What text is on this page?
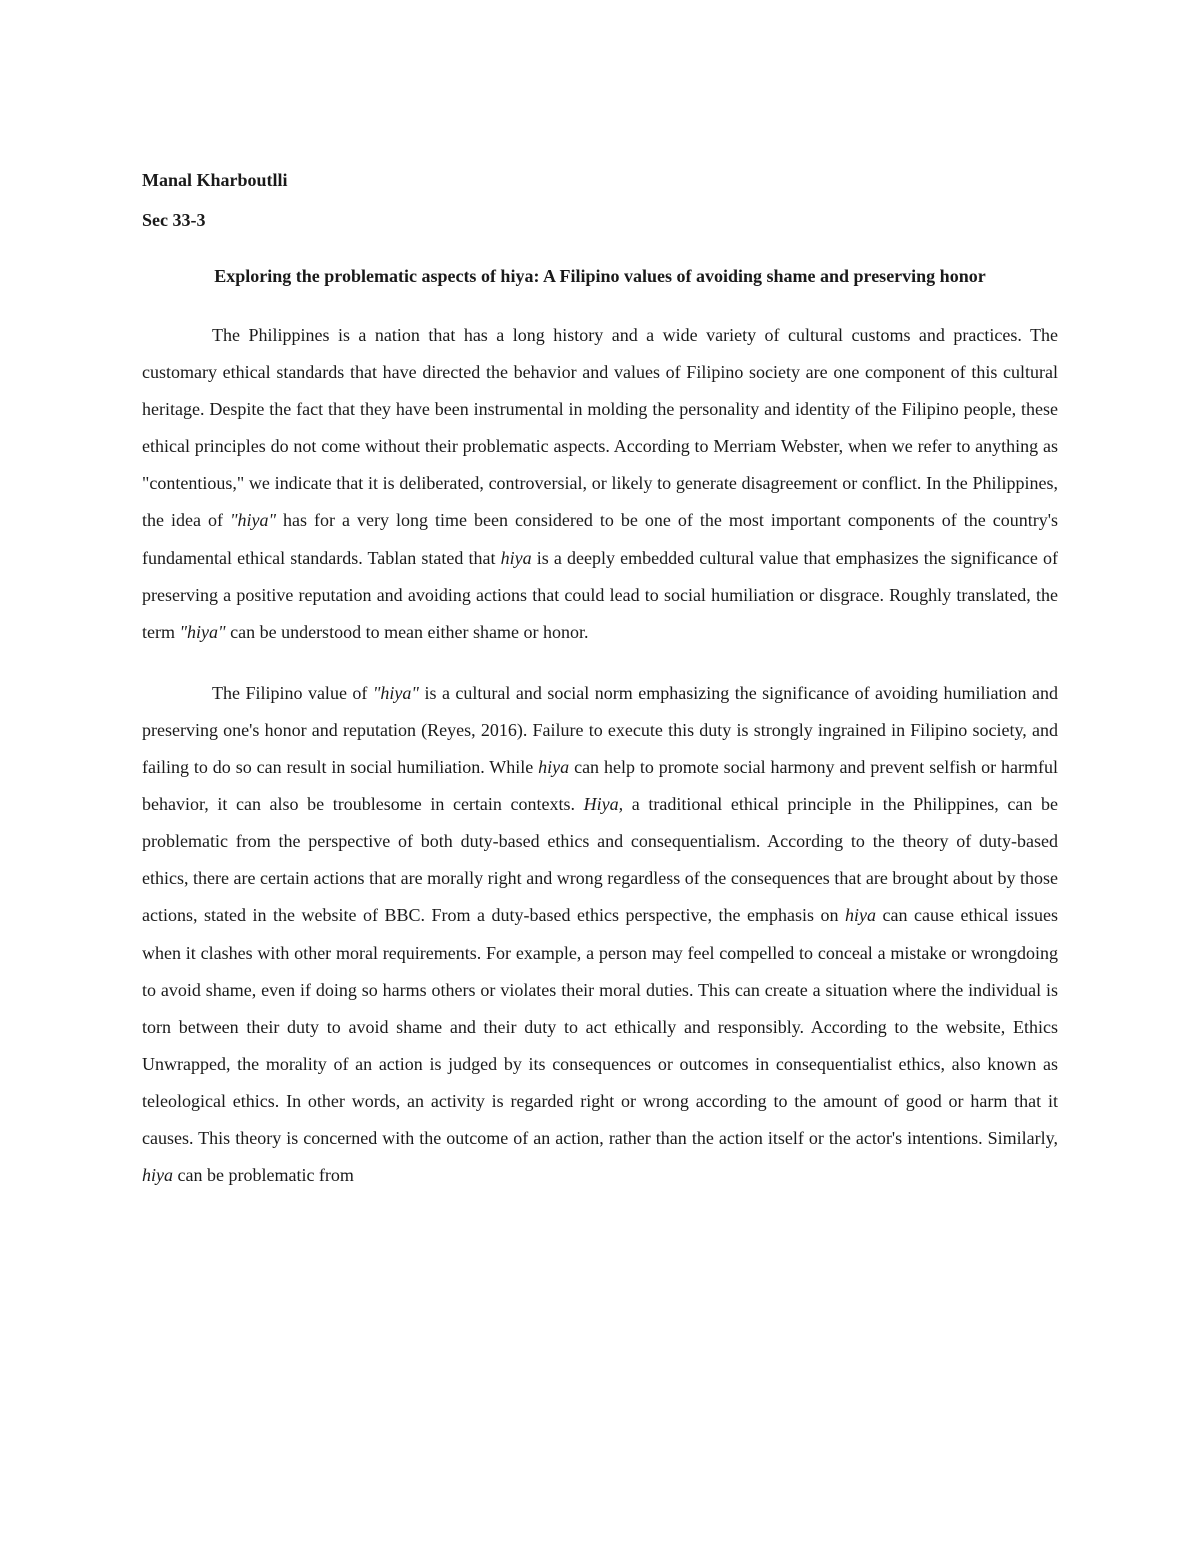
Manal Kharboutlli
Sec 33-3
Exploring the problematic aspects of hiya: A Filipino values of avoiding shame and preserving honor

The Philippines is a nation that has a long history and a wide variety of cultural customs and practices. The customary ethical standards that have directed the behavior and values of Filipino society are one component of this cultural heritage. Despite the fact that they have been instrumental in molding the personality and identity of the Filipino people, these ethical principles do not come without their problematic aspects. According to Merriam Webster, when we refer to anything as "contentious," we indicate that it is deliberated, controversial, or likely to generate disagreement or conflict. In the Philippines, the idea of "hiya" has for a very long time been considered to be one of the most important components of the country's fundamental ethical standards. Tablan stated that hiya is a deeply embedded cultural value that emphasizes the significance of preserving a positive reputation and avoiding actions that could lead to social humiliation or disgrace. Roughly translated, the term "hiya" can be understood to mean either shame or honor.

The Filipino value of "hiya" is a cultural and social norm emphasizing the significance of avoiding humiliation and preserving one's honor and reputation (Reyes, 2016). Failure to execute this duty is strongly ingrained in Filipino society, and failing to do so can result in social humiliation. While hiya can help to promote social harmony and prevent selfish or harmful behavior, it can also be troublesome in certain contexts. Hiya, a traditional ethical principle in the Philippines, can be problematic from the perspective of both duty-based ethics and consequentialism. According to the theory of duty-based ethics, there are certain actions that are morally right and wrong regardless of the consequences that are brought about by those actions, stated in the website of BBC. From a duty-based ethics perspective, the emphasis on hiya can cause ethical issues when it clashes with other moral requirements. For example, a person may feel compelled to conceal a mistake or wrongdoing to avoid shame, even if doing so harms others or violates their moral duties. This can create a situation where the individual is torn between their duty to avoid shame and their duty to act ethically and responsibly. According to the website, Ethics Unwrapped, the morality of an action is judged by its consequences or outcomes in consequentialist ethics, also known as teleological ethics. In other words, an activity is regarded right or wrong according to the amount of good or harm that it causes. This theory is concerned with the outcome of an action, rather than the action itself or the actor's intentions. Similarly, hiya can be problematic from
